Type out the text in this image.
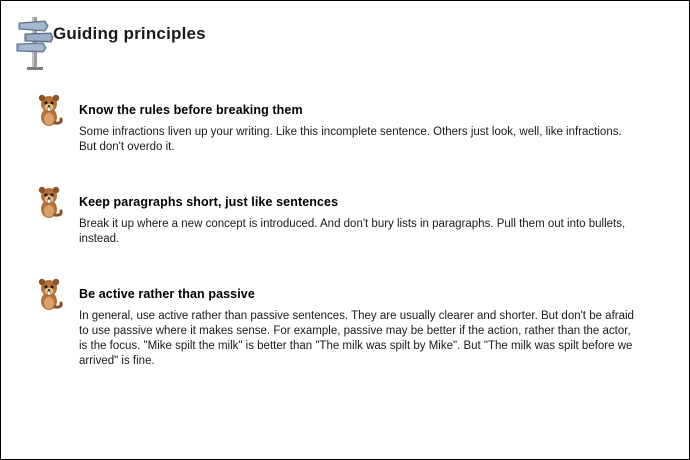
Guiding principles
Know the rules before breaking them
Some infractions liven up your writing. Like this incomplete sentence. Others just look, well, like infractions. But don't overdo it.
Keep paragraphs short, just like sentences
Break it up where a new concept is introduced. And don't bury lists in paragraphs. Pull them out into bullets, instead.
Be active rather than passive
In general, use active rather than passive sentences. They are usually clearer and shorter. But don't be afraid to use passive where it makes sense. For example, passive may be better if the action, rather than the actor, is the focus. "Mike spilt the milk" is better than "The milk was spilt by Mike". But "The milk was spilt before we arrived" is fine.
